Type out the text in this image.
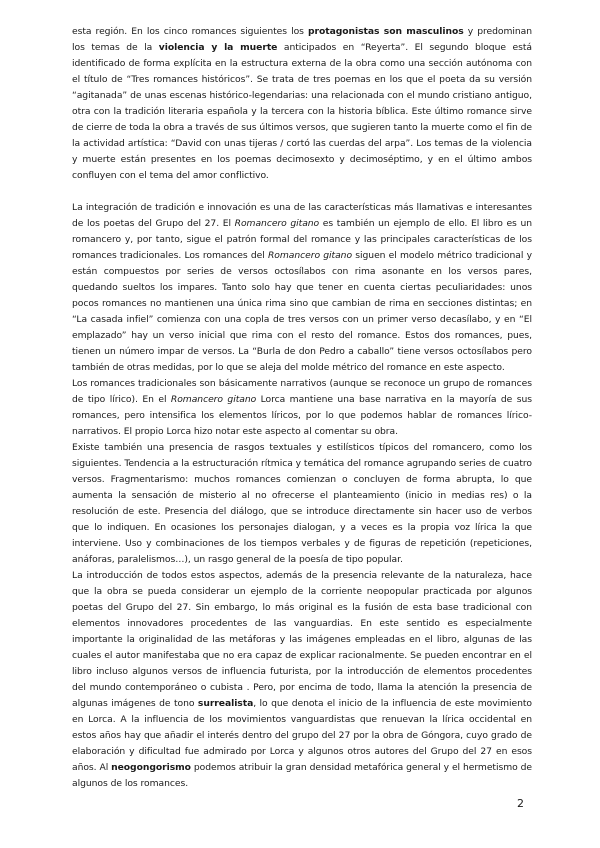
esta región. En los cinco romances siguientes los protagonistas son masculinos y predominan los temas de la violencia y la muerte anticipados en “Reyerta”. El segundo bloque está identificado de forma explícita en la estructura externa de la obra como una sección autónoma con el título de “Tres romances históricos”. Se trata de tres poemas en los que el poeta da su versión “agitanada” de unas escenas histórico-legendarias: una relacionada con el mundo cristiano antiguo, otra con la tradición literaria española y la tercera con la historia bíblica. Este último romance sirve de cierre de toda la obra a través de sus últimos versos, que sugieren tanto la muerte como el fin de la actividad artística: “David con unas tijeras / cortó las cuerdas del arpa”. Los temas de la violencia y muerte están presentes en los poemas decimosexto y decimoséptimo, y en el último ambos confluyen con el tema del amor conflictivo.

La integración de tradición e innovación es una de las características más llamativas e interesantes de los poetas del Grupo del 27. El Romancero gitano es también un ejemplo de ello. El libro es un romancero y, por tanto, sigue el patrón formal del romance y las principales características de los romances tradicionales. Los romances del Romancero gitano siguen el modelo métrico tradicional y están compuestos por series de versos octosílabos con rima asonante en los versos pares, quedando sueltos los impares. Tanto solo hay que tener en cuenta ciertas peculiaridades: unos pocos romances no mantienen una única rima sino que cambian de rima en secciones distintas; en “La casada infiel” comienza con una copla de tres versos con un primer verso decasílabo, y en “El emplazado” hay un verso inicial que rima con el resto del romance. Estos dos romances, pues, tienen un número impar de versos. La “Burla de don Pedro a caballo” tiene versos octosílabos pero también de otras medidas, por lo que se aleja del molde métrico del romance en este aspecto.

Los romances tradicionales son básicamente narrativos (aunque se reconoce un grupo de romances de tipo lírico). En el Romancero gitano Lorca mantiene una base narrativa en la mayoría de sus romances, pero intensifica los elementos líricos, por lo que podemos hablar de romances lírico-narrativos. El propio Lorca hizo notar este aspecto al comentar su obra.

Existe también una presencia de rasgos textuales y estilísticos típicos del romancero, como los siguientes. Tendencia a la estructuración rítmica y temática del romance agrupando series de cuatro versos. Fragmentarismo: muchos romances comienzan o concluyen de forma abrupta, lo que aumenta la sensación de misterio al no ofrecerse el planteamiento (inicio in medias res) o la resolución de este. Presencia del diálogo, que se introduce directamente sin hacer uso de verbos que lo indiquen. En ocasiones los personajes dialogan, y a veces es la propia voz lírica la que interviene. Uso y combinaciones de los tiempos verbales y de figuras de repetición (repeticiones, anáforas, paralelismos…), un rasgo general de la poesía de tipo popular.

La introducción de todos estos aspectos, además de la presencia relevante de la naturaleza, hace que la obra se pueda considerar un ejemplo de la corriente neopopular practicada por algunos poetas del Grupo del 27. Sin embargo, lo más original es la fusión de esta base tradicional con elementos innovadores procedentes de las vanguardias. En este sentido es especialmente importante la originalidad de las metáforas y las imágenes empleadas en el libro, algunas de las cuales el autor manifestaba que no era capaz de explicar racionalmente. Se pueden encontrar en el libro incluso algunos versos de influencia futurista, por la introducción de elementos procedentes del mundo contemporáneo o cubista . Pero, por encima de todo, llama la atención la presencia de algunas imágenes de tono surrealista, lo que denota el inicio de la influencia de este movimiento en Lorca. A la influencia de los movimientos vanguardistas que renuevan la lírica occidental en estos años hay que añadir el interés dentro del grupo del 27 por la obra de Góngora, cuyo grado de elaboración y dificultad fue admirado por Lorca y algunos otros autores del Grupo del 27 en esos años. Al neogongorismo podemos atribuir la gran densidad metafórica general y el hermetismo de algunos de los romances.

2
